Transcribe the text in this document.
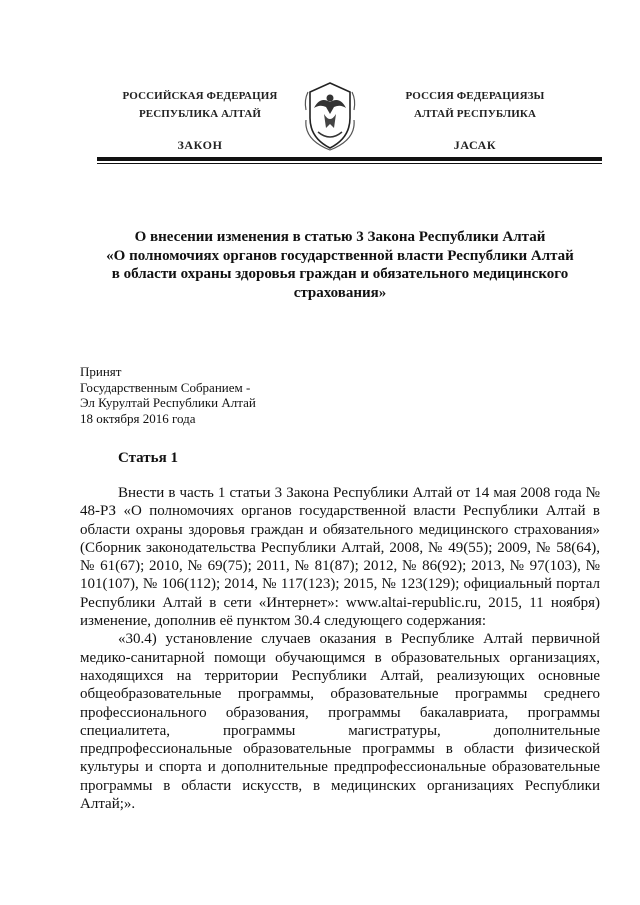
РОССИЙСКАЯ ФЕДЕРАЦИЯ
РЕСПУБЛИКА АЛТАЙ
ЗАКОН
РОССИЯ ФЕДЕРАЦИЯЗЫ
АЛТАЙ РЕСПУБЛИКА
JАСАК
О внесении изменения в статью 3 Закона Республики Алтай
«О полномочиях органов государственной власти Республики Алтай
в области охраны здоровья граждан и обязательного медицинского
страхования»
Принят
Государственным Собранием -
Эл Курултай Республики Алтай
18 октября 2016 года
Статья 1

Внести в часть 1 статьи 3 Закона Республики Алтай от 14 мая 2008 года № 48-РЗ «О полномочиях органов государственной власти Республики Алтай в области охраны здоровья граждан и обязательного медицинского страхования» (Сборник законодательства Республики Алтай, 2008, № 49(55); 2009, № 58(64), № 61(67); 2010, № 69(75); 2011, № 81(87); 2012, № 86(92); 2013, № 97(103), № 101(107), № 106(112); 2014, № 117(123); 2015, № 123(129); официальный портал Республики Алтай в сети «Интернет»: www.altai-republic.ru, 2015, 11 ноября) изменение, дополнив её пунктом 30.4 следующего содержания:

«30.4) установление случаев оказания в Республике Алтай первичной медико-санитарной помощи обучающимся в образовательных организациях, находящихся на территории Республики Алтай, реализующих основные общеобразовательные программы, образовательные программы среднего профессионального образования, программы бакалавриата, программы специалитета, программы магистратуры, дополнительные предпрофессиональные образовательные программы в области физической культуры и спорта и дополнительные предпрофессиональные образовательные программы в области искусств, в медицинских организациях Республики Алтай;».
